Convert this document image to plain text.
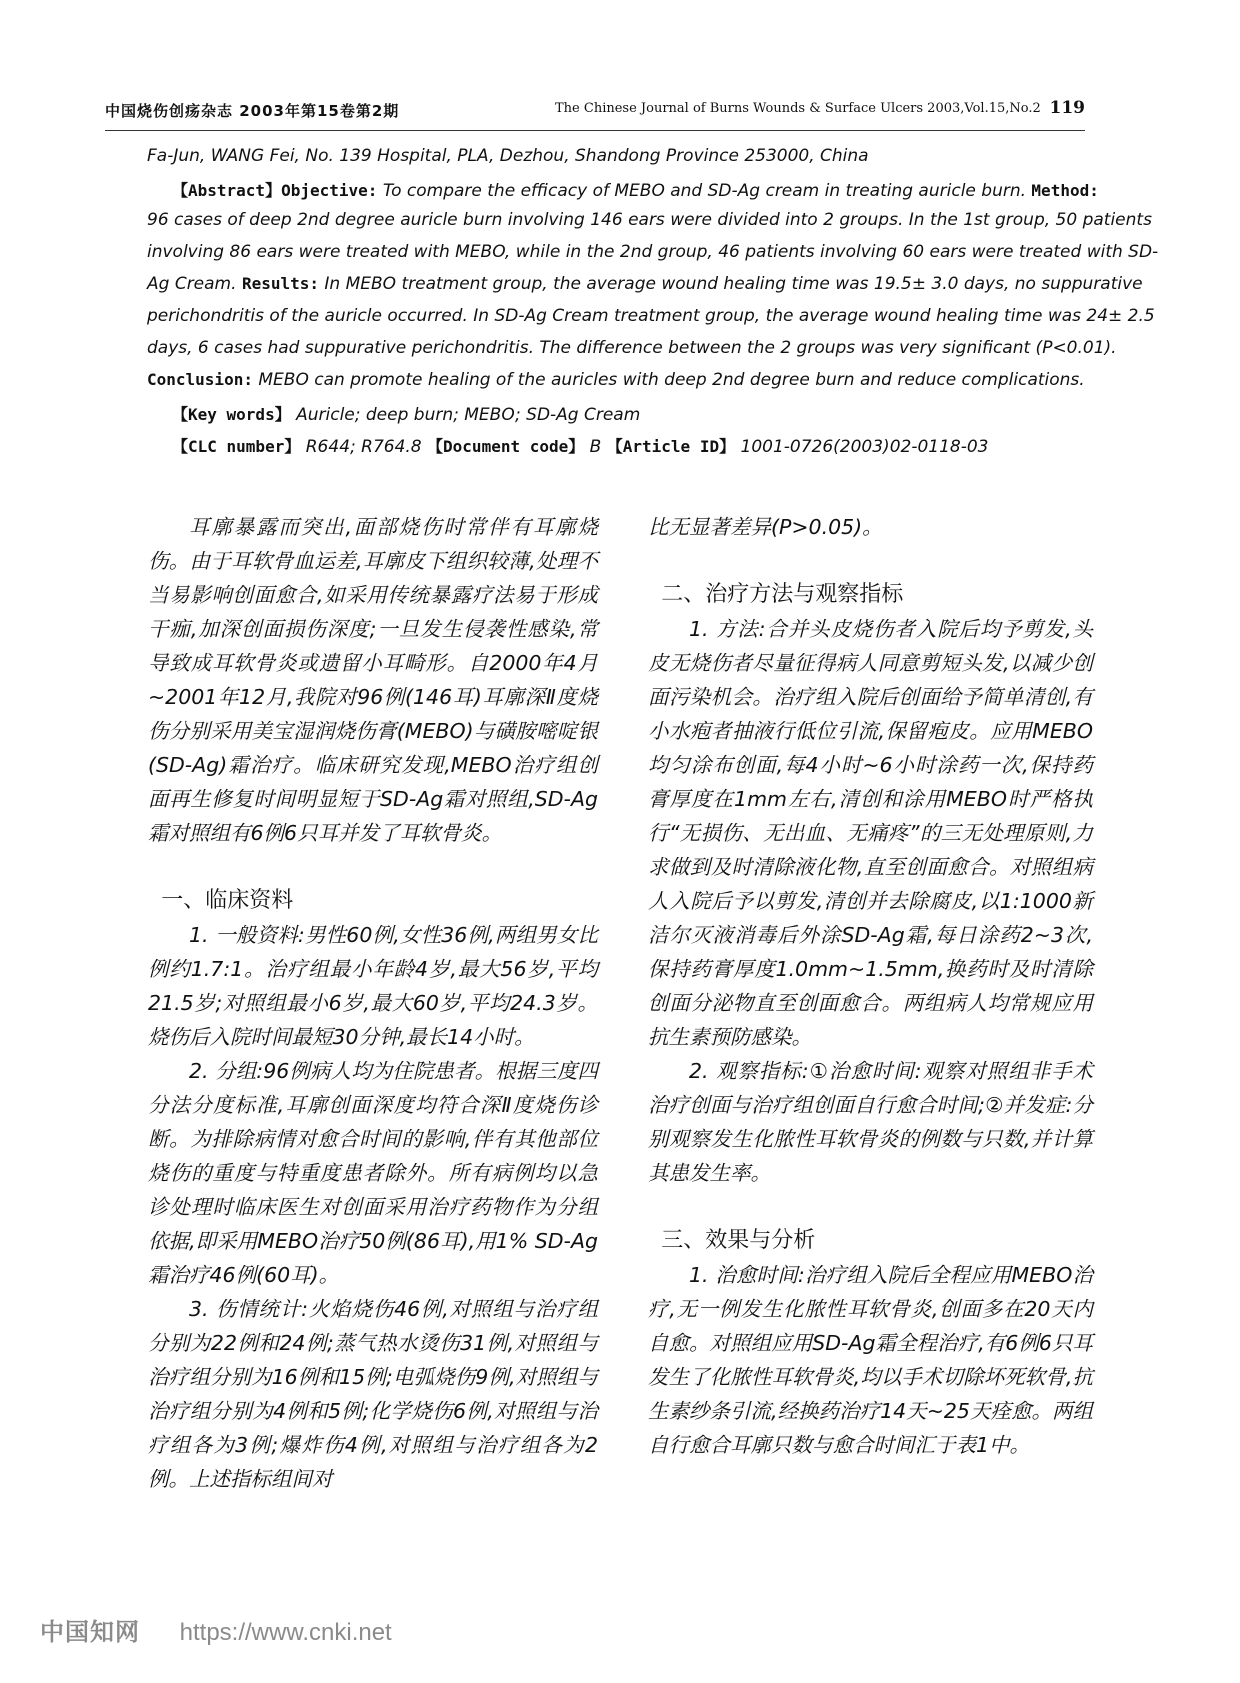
中国烧伤创疡杂志 2003年第15卷第2期	The Chinese Journal of Burns Wounds & Surface Ulcers 2003,Vol.15,No.2 119
Fa-Jun, WANG Fei, No. 139 Hospital, PLA, Dezhou, Shandong Province 253000, China
【Abstract】Objective: To compare the efficacy of MEBO and SD-Ag cream in treating auricle burn. Method:
96 cases of deep 2nd degree auricle burn involving 146 ears were divided into 2 groups. In the 1st group, 50 patients
involving 86 ears were treated with MEBO, while in the 2nd group, 46 patients involving 60 ears were treated with SD-
Ag Cream. Results: In MEBO treatment group, the average wound healing time was 19.5± 3.0 days, no suppurative
perichondritis of the auricle occurred. In SD-Ag Cream treatment group, the average wound healing time was 24± 2.5
days, 6 cases had suppurative perichondritis. The difference between the 2 groups was very significant (P<0.01).
Conclusion: MEBO can promote healing of the auricles with deep 2nd degree burn and reduce complications.
【Key words】 Auricle; deep burn; MEBO; SD-Ag Cream
【CLC number】 R644; R764.8 【Document code】 B 【Article ID】 1001-0726(2003)02-0118-03

耳廓暴露而突出,面部烧伤时常伴有耳廓烧伤。由于耳软骨血运差,耳廓皮下组织较薄,处理不当易影响创面愈合,如采用传统暴露疗法易于形成干痂,加深创面损伤深度;一旦发生侵袭性感染,常导致成耳软骨炎或遗留小耳畸形。自2000年4月~2001年12月,我院对96例(146耳)耳廓深Ⅱ度烧伤分别采用美宝湿润烧伤膏(MEBO)与磺胺嘧啶银(SD-Ag)霜治疗。临床研究发现,MEBO治疗组创面再生修复时间明显短于SD-Ag霜对照组,SD-Ag霜对照组有6例6只耳并发了耳软骨炎。

一、临床资料

1. 一般资料:男性60例,女性36例,两组男女比例约1.7:1。治疗组最小年龄4岁,最大56岁,平均21.5岁;对照组最小6岁,最大60岁,平均24.3岁。烧伤后入院时间最短30分钟,最长14小时。

2. 分组:96例病人均为住院患者。根据三度四分法分度标准,耳廓创面深度均符合深Ⅱ度烧伤诊断。为排除病情对愈合时间的影响,伴有其他部位烧伤的重度与特重度患者除外。所有病例均以急诊处理时临床医生对创面采用治疗药物作为分组依据,即采用MEBO治疗50例(86耳),用1% SD-Ag霜治疗46例(60耳)。

3. 伤情统计:火焰烧伤46例,对照组与治疗组分别为22例和24例;蒸气热水烫伤31例,对照组与治疗组分别为16例和15例;电弧烧伤9例,对照组与治疗组分别为4例和5例;化学烧伤6例,对照组与治疗组各为3例;爆炸伤4例,对照组与治疗组各为2例。上述指标组间对

比无显著差异(P>0.05)。

二、治疗方法与观察指标

1. 方法:合并头皮烧伤者入院后均予剪发,头皮无烧伤者尽量征得病人同意剪短头发,以减少创面污染机会。治疗组入院后创面给予简单清创,有小水疱者抽液行低位引流,保留疱皮。应用MEBO均匀涂布创面,每4小时~6小时涂药一次,保持药膏厚度在1mm左右,清创和涂用MEBO时严格执行“无损伤、无出血、无痛疼”的三无处理原则,力求做到及时清除液化物,直至创面愈合。对照组病人入院后予以剪发,清创并去除腐皮,以1:1000新洁尔灭液消毒后外涂SD-Ag霜,每日涂药2~3次,保持药膏厚度1.0mm~1.5mm,换药时及时清除创面分泌物直至创面愈合。两组病人均常规应用抗生素预防感染。

2. 观察指标:①治愈时间:观察对照组非手术治疗创面与治疗组创面自行愈合时间;②并发症:分别观察发生化脓性耳软骨炎的例数与只数,并计算其患发生率。

三、效果与分析

1. 治愈时间:治疗组入院后全程应用MEBO治疗,无一例发生化脓性耳软骨炎,创面多在20天内自愈。对照组应用SD-Ag霜全程治疗,有6例6只耳发生了化脓性耳软骨炎,均以手术切除坏死软骨,抗生素纱条引流,经换药治疗14天~25天痊愈。两组自行愈合耳廓只数与愈合时间汇于表1中。

中国知网 https://www.cnki.net
